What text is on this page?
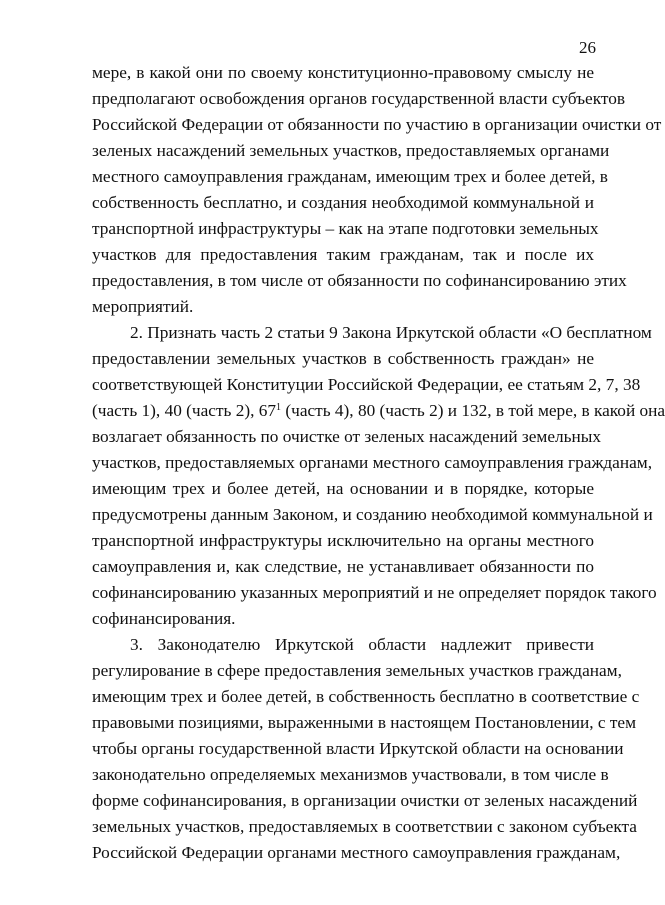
26
мере, в какой они по своему конституционно-правовому смыслу не
предполагают освобождения органов государственной власти субъектов
Российской Федерации от обязанности по участию в организации очистки от
зеленых насаждений земельных участков, предоставляемых органами
местного самоуправления гражданам, имеющим трех и более детей, в
собственность бесплатно, и создания необходимой коммунальной и
транспортной инфраструктуры – как на этапе подготовки земельных
участков для предоставления таким гражданам, так и после их
предоставления, в том числе от обязанности по софинансированию этих
мероприятий.
2. Признать часть 2 статьи 9 Закона Иркутской области «О бесплатном
предоставлении земельных участков в собственность граждан» не
соответствующей Конституции Российской Федерации, ее статьям 2, 7, 38
(часть 1), 40 (часть 2), $67^1$ (часть 4), 80 (часть 2) и 132, в той мере, в какой она
возлагает обязанность по очистке от зеленых насаждений земельных
участков, предоставляемых органами местного самоуправления гражданам,
имеющим трех и более детей, на основании и в порядке, которые
предусмотрены данным Законом, и созданию необходимой коммунальной и
транспортной инфраструктуры исключительно на органы местного
самоуправления и, как следствие, не устанавливает обязанности по
софинансированию указанных мероприятий и не определяет порядок такого
софинансирования.
3. Законодателю Иркутской области надлежит привести
регулирование в сфере предоставления земельных участков гражданам,
имеющим трех и более детей, в собственность бесплатно в соответствие с
правовыми позициями, выраженными в настоящем Постановлении, с тем
чтобы органы государственной власти Иркутской области на основании
законодательно определяемых механизмов участвовали, в том числе в
форме софинансирования, в организации очистки от зеленых насаждений
земельных участков, предоставляемых в соответствии с законом субъекта
Российской Федерации органами местного самоуправления гражданам,
